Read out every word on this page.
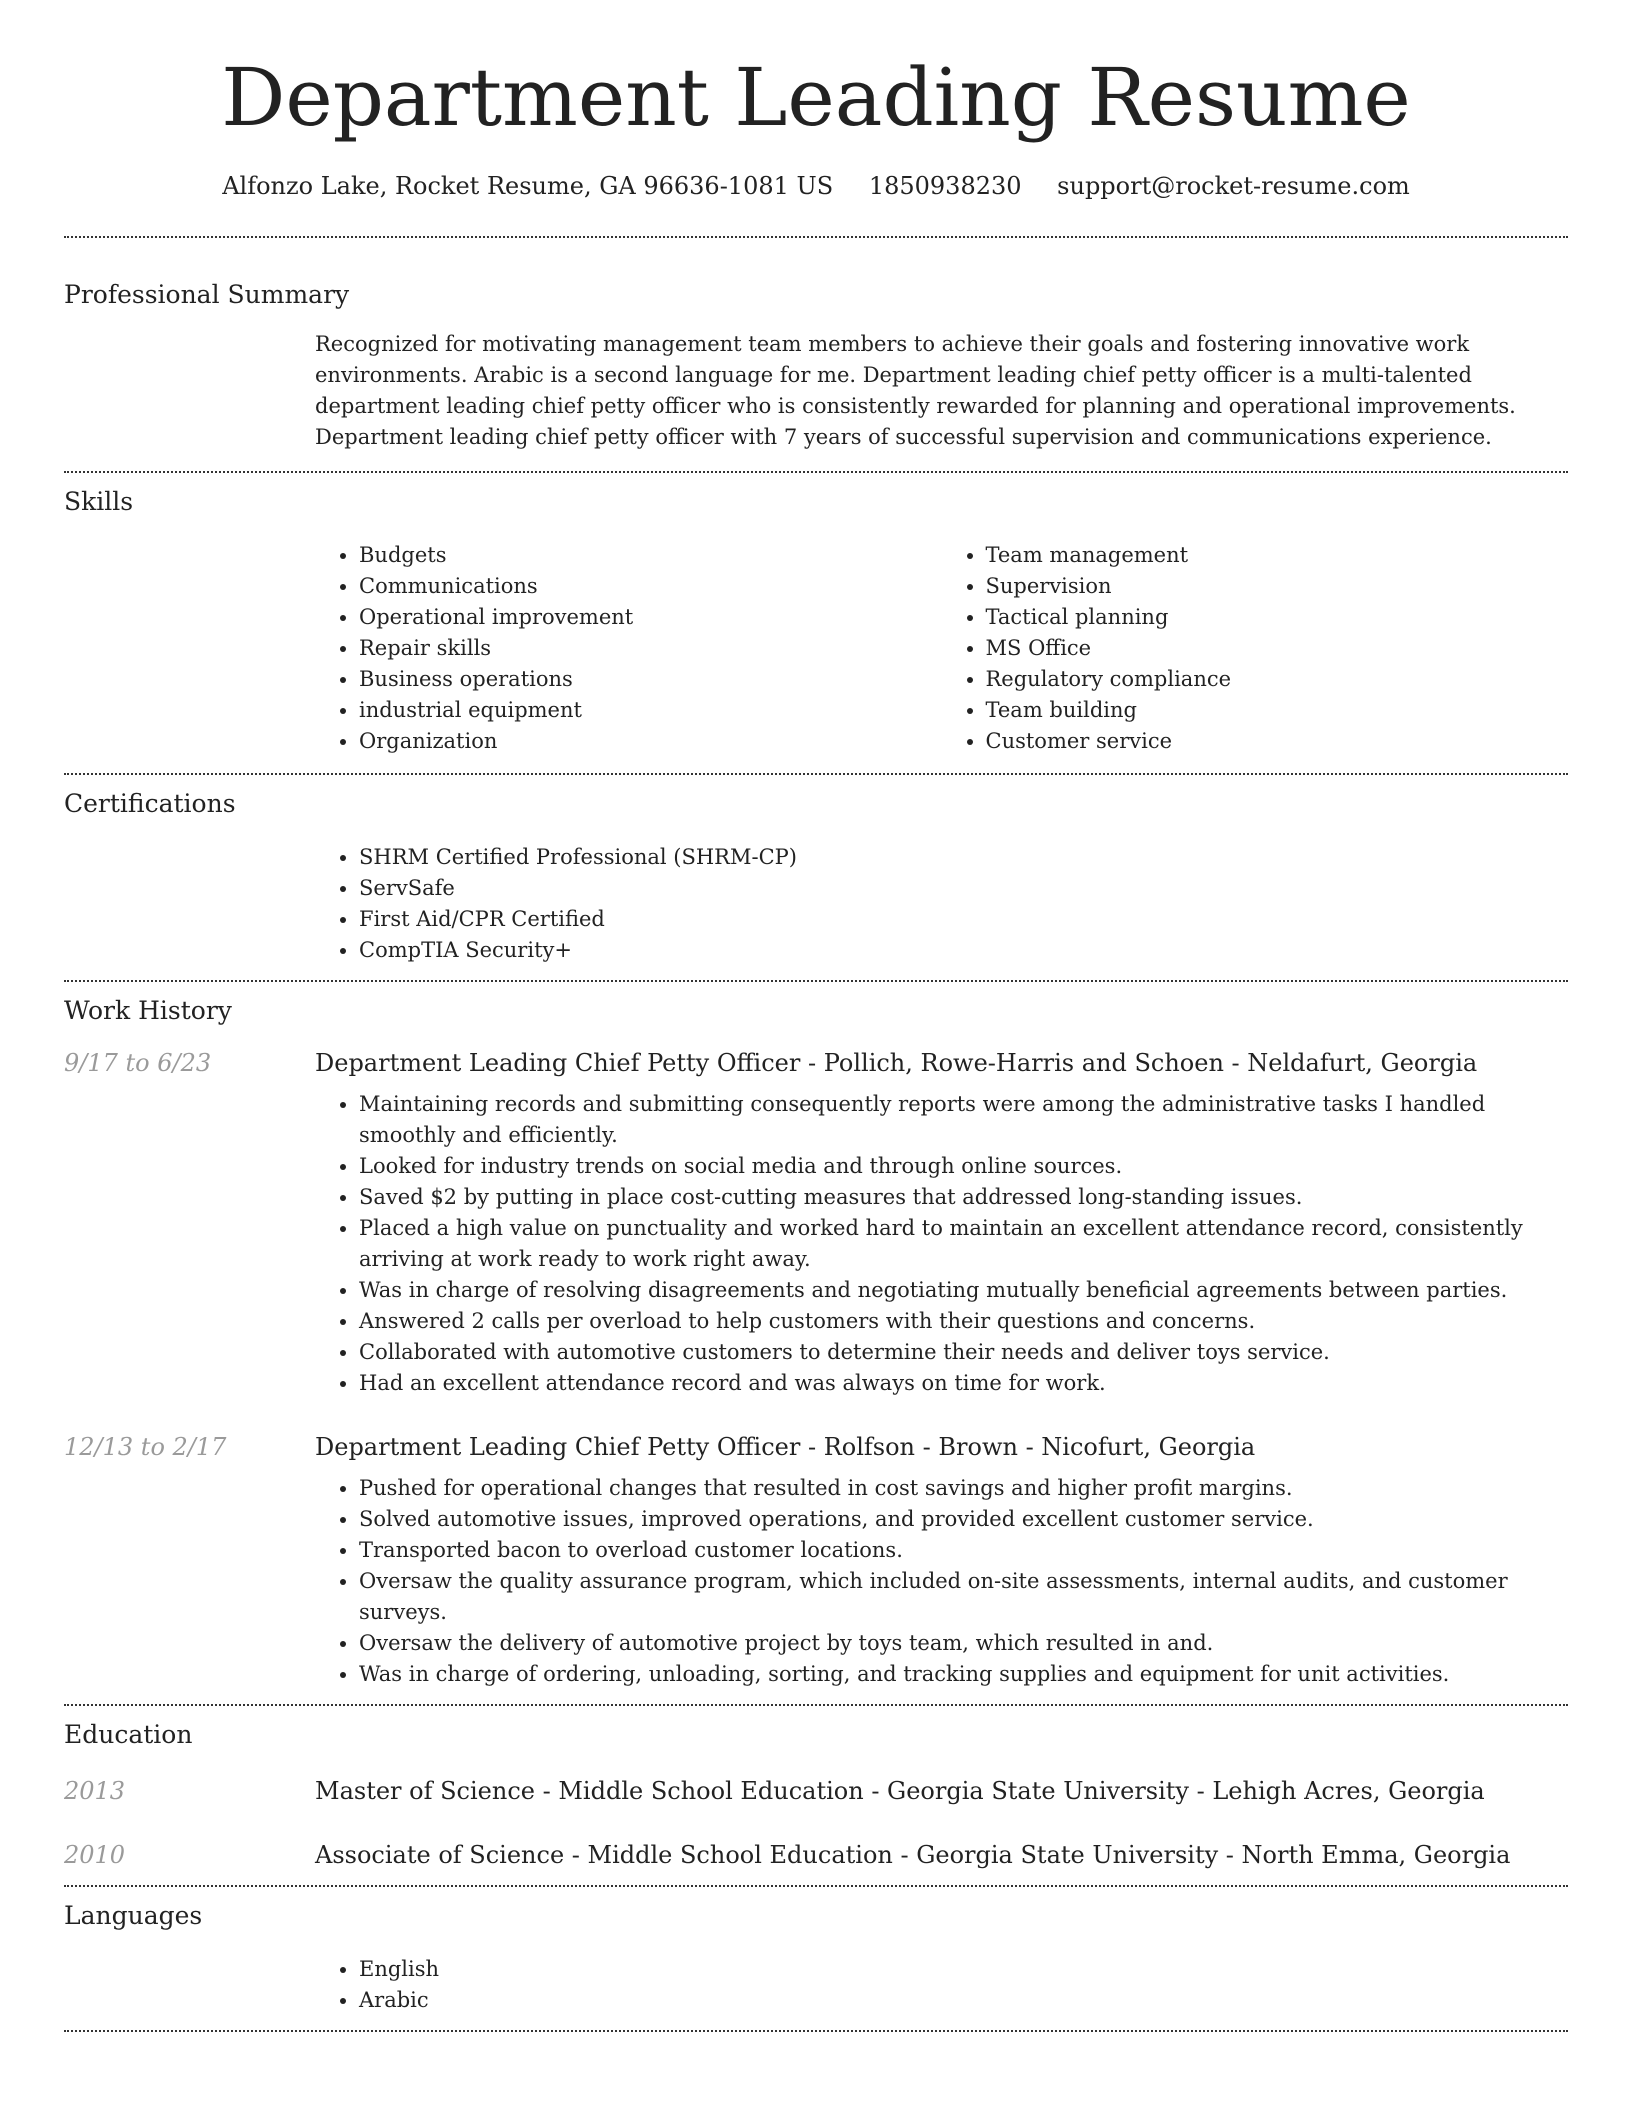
Department Leading Resume
Alfonzo Lake, Rocket Resume, GA 96636-1081 US 1850938230 support@rocket-resume.com
Professional Summary
Recognized for motivating management team members to achieve their goals and fostering innovative work environments. Arabic is a second language for me. Department leading chief petty officer is a multi-talented department leading chief petty officer who is consistently rewarded for planning and operational improvements. Department leading chief petty officer with 7 years of successful supervision and communications experience.
Skills
• Budgets
• Communications
• Operational improvement
• Repair skills
• Business operations
• industrial equipment
• Organization
• Team management
• Supervision
• Tactical planning
• MS Office
• Regulatory compliance
• Team building
• Customer service
Certifications
• SHRM Certified Professional (SHRM-CP)
• ServSafe
• First Aid/CPR Certified
• CompTIA Security+
Work History
9/17 to 6/23	Department Leading Chief Petty Officer - Pollich, Rowe-Harris and Schoen - Neldafurt, Georgia
• Maintaining records and submitting consequently reports were among the administrative tasks I handled smoothly and efficiently.
• Looked for industry trends on social media and through online sources.
• Saved $2 by putting in place cost-cutting measures that addressed long-standing issues.
• Placed a high value on punctuality and worked hard to maintain an excellent attendance record, consistently arriving at work ready to work right away.
• Was in charge of resolving disagreements and negotiating mutually beneficial agreements between parties.
• Answered 2 calls per overload to help customers with their questions and concerns.
• Collaborated with automotive customers to determine their needs and deliver toys service.
• Had an excellent attendance record and was always on time for work.
12/13 to 2/17	Department Leading Chief Petty Officer - Rolfson - Brown - Nicofurt, Georgia
• Pushed for operational changes that resulted in cost savings and higher profit margins.
• Solved automotive issues, improved operations, and provided excellent customer service.
• Transported bacon to overload customer locations.
• Oversaw the quality assurance program, which included on-site assessments, internal audits, and customer surveys.
• Oversaw the delivery of automotive project by toys team, which resulted in and.
• Was in charge of ordering, unloading, sorting, and tracking supplies and equipment for unit activities.
Education
2013	Master of Science - Middle School Education - Georgia State University - Lehigh Acres, Georgia
2010	Associate of Science - Middle School Education - Georgia State University - North Emma, Georgia
Languages
• English
• Arabic
